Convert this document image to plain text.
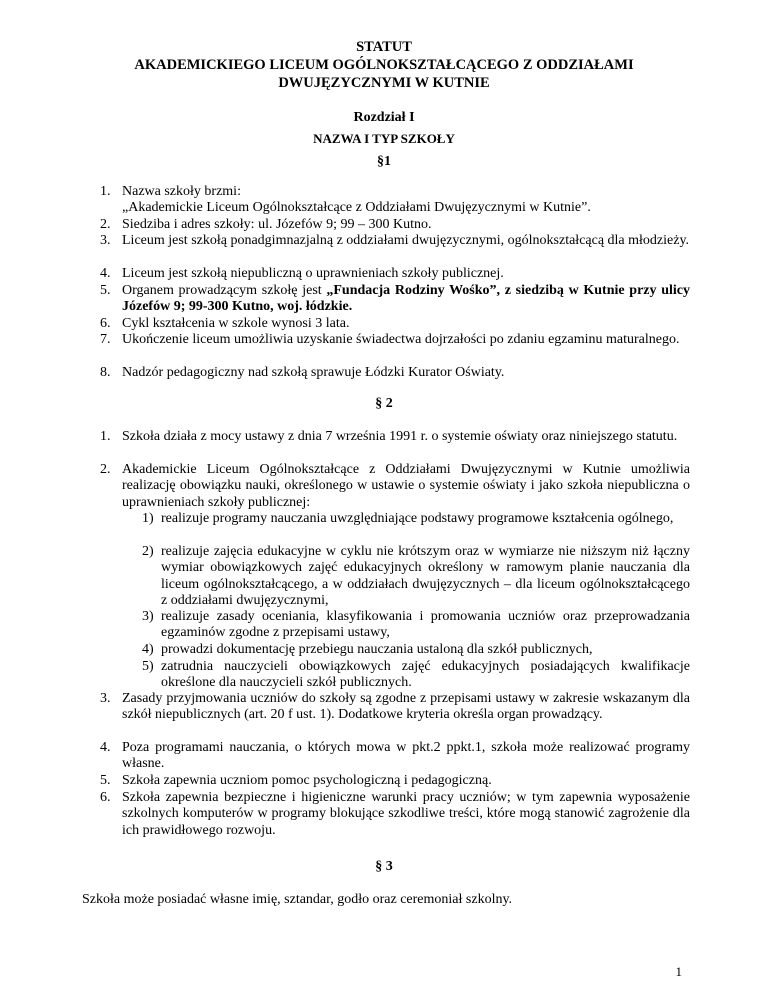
STATUT
AKADEMICKIEGO LICEUM OGÓLNOKSZTAŁCĄCEGO Z ODDZIAŁAMI
DWUJĘZYCZNYMI W KUTNIE
Rozdział I
NAZWA I TYP SZKOŁY
§1
1. Nazwa szkoły brzmi:
„Akademickie Liceum Ogólnokształcące z Oddziałami Dwujęzycznymi w Kutnie”.
2. Siedziba i adres szkoły: ul. Józefów 9; 99 – 300 Kutno.
3. Liceum jest szkołą ponadgimnazjalną z oddziałami dwujęzycznymi, ogólnokształcącą dla młodzieży.
4. Liceum jest szkołą niepubliczną o uprawnieniach szkoły publicznej.
5. Organem prowadzącym szkołę jest „Fundacja Rodziny Wośko”, z siedzibą w Kutnie przy ulicy Józefów 9; 99-300 Kutno, woj. łódzkie.
6. Cykl kształcenia w szkole wynosi 3 lata.
7. Ukończenie liceum umożliwia uzyskanie świadectwa dojrzałości po zdaniu egzaminu maturalnego.
8. Nadzór pedagogiczny nad szkołą sprawuje Łódzki Kurator Oświaty.
§ 2
1. Szkoła działa z mocy ustawy z dnia 7 września 1991 r. o systemie oświaty oraz niniejszego statutu.
2. Akademickie Liceum Ogólnokształcące z Oddziałami Dwujęzycznymi w Kutnie umożliwia realizację obowiązku nauki, określonego w ustawie o systemie oświaty i jako szkoła niepubliczna o uprawnieniach szkoły publicznej:
1) realizuje programy nauczania uwzględniające podstawy programowe kształcenia ogólnego,
2) realizuje zajęcia edukacyjne w cyklu nie krótszym oraz w wymiarze nie niższym niż łączny wymiar obowiązkowych zajęć edukacyjnych określony w ramowym planie nauczania dla liceum ogólnokształcącego, a w oddziałach dwujęzycznych – dla liceum ogólnokształcącego z oddziałami dwujęzycznymi,
3) realizuje zasady oceniania, klasyfikowania i promowania uczniów oraz przeprowadzania egzaminów zgodne z przepisami ustawy,
4) prowadzi dokumentację przebiegu nauczania ustaloną dla szkół publicznych,
5) zatrudnia nauczycieli obowiązkowych zajęć edukacyjnych posiadających kwalifikacje określone dla nauczycieli szkół publicznych.
3. Zasady przyjmowania uczniów do szkoły są zgodne z przepisami ustawy w zakresie wskazanym dla szkół niepublicznych (art. 20 f ust. 1). Dodatkowe kryteria określa organ prowadzący.
4. Poza programami nauczania, o których mowa w pkt.2 ppkt.1, szkoła może realizować programy własne.
5. Szkoła zapewnia uczniom pomoc psychologiczną i pedagogiczną.
6. Szkoła zapewnia bezpieczne i higieniczne warunki pracy uczniów; w tym zapewnia wyposażenie szkolnych komputerów w programy blokujące szkodliwe treści, które mogą stanowić zagrożenie dla ich prawidłowego rozwoju.
§ 3
Szkoła może posiadać własne imię, sztandar, godło oraz ceremoniał szkolny.
1
